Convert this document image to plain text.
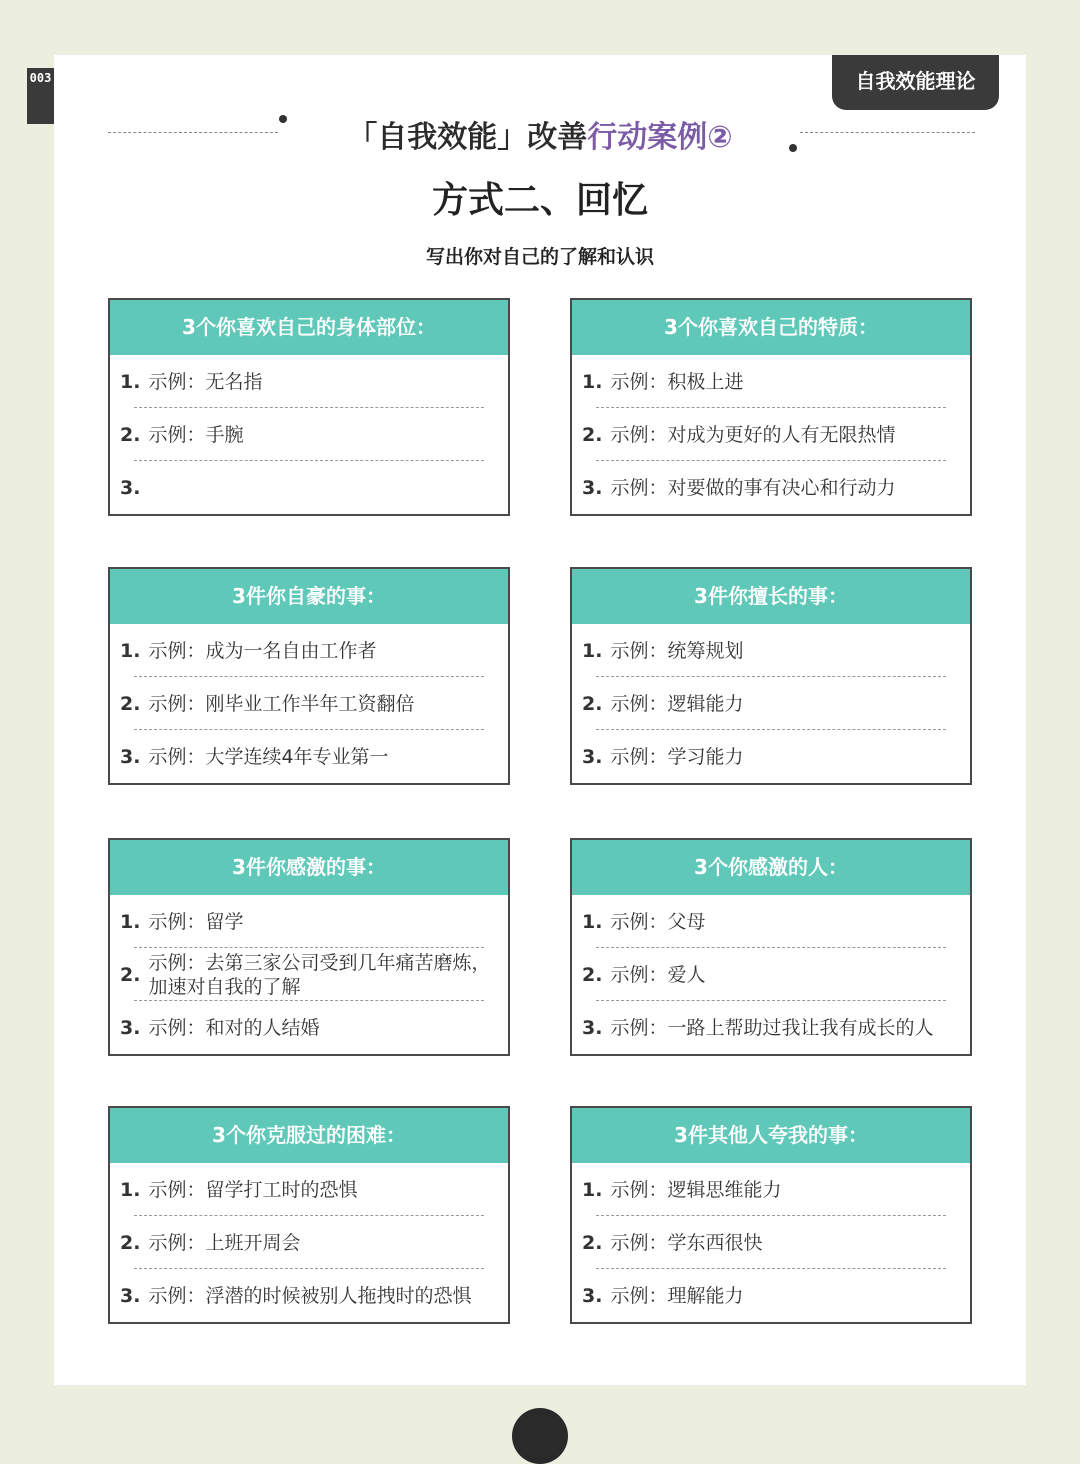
003	自我效能理论
「自我效能」改善行动案例②
方式二、回忆
写出你对自己的了解和认识
3个你喜欢自己的身体部位：
1. 示例：无名指
2. 示例：手腕
3.
3个你喜欢自己的特质：
1. 示例：积极上进
2. 示例：对成为更好的人有无限热情
3. 示例：对要做的事有决心和行动力
3件你自豪的事：
1. 示例：成为一名自由工作者
2. 示例：刚毕业工作半年工资翻倍
3. 示例：大学连续4年专业第一
3件你擅长的事：
1. 示例：统筹规划
2. 示例：逻辑能力
3. 示例：学习能力
3件你感激的事：
1. 示例：留学
2.
示例：去第三家公司受到几年痛苦磨炼，加速对自我的了解
3. 示例：和对的人结婚
3个你感激的人：
1. 示例：父母
2. 示例：爱人
3. 示例：一路上帮助过我让我有成长的人
3个你克服过的困难：
1. 示例：留学打工时的恐惧
2. 示例：上班开周会
3. 示例：浮潜的时候被别人拖拽时的恐惧
3件其他人夸我的事：
1. 示例：逻辑思维能力
2. 示例：学东西很快
3. 示例：理解能力
